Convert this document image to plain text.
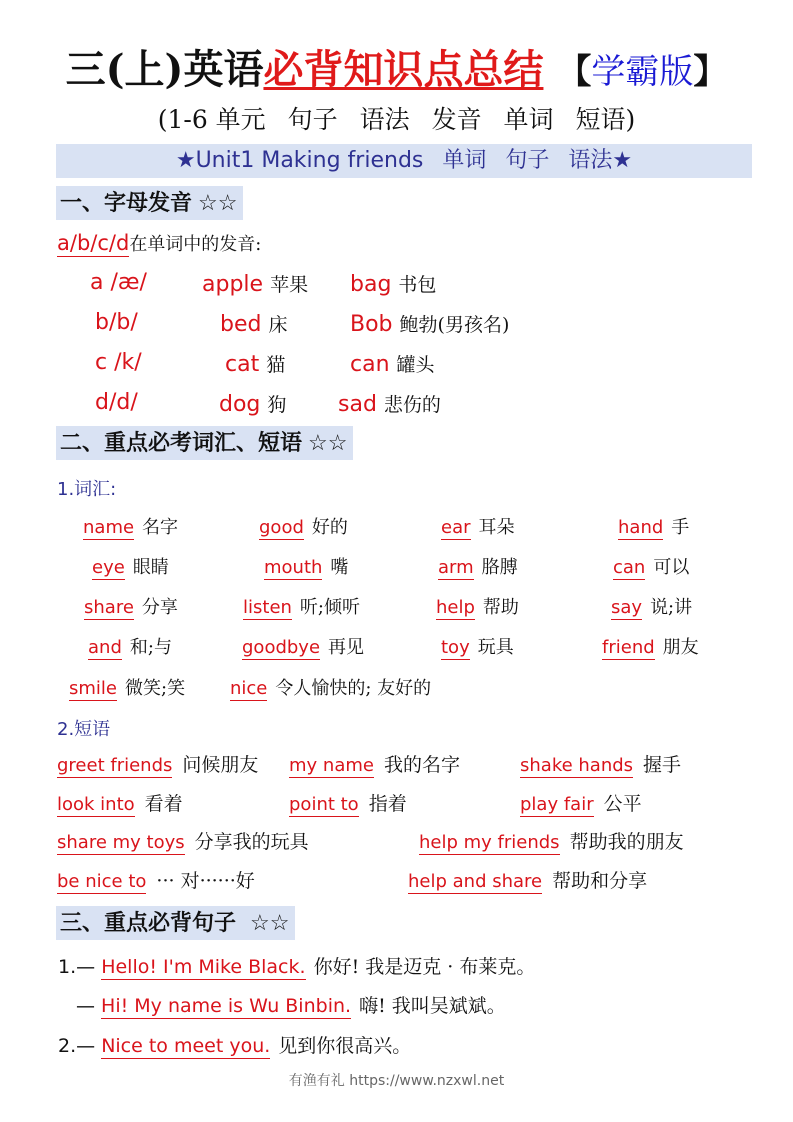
三(上)英语必背知识点总结 【学霸版】
(1-6 单元 句子 语法 发音 单词 短语)
★Unit1 Making friends 单词 句子 语法★
一、字母发音 ☆☆
a/b/c/d在单词中的发音:
a /æ/	apple 苹果 bag 书包
b/b/	bed 床	Bob 鲍勃(男孩名)
c /k/	cat 猫	can 罐头
d/d/	dog 狗 sad 悲伤的
二、重点必考词汇、短语 ☆☆
1.词汇:
name 名字	good 好的	ear 耳朵	hand 手
eye 眼睛	mouth 嘴	arm 胳膊	can 可以
share 分享	listen 听;倾听	help 帮助	say 说;讲
and 和;与	goodbye 再见	toy 玩具	friend 朋友
smile 微笑;笑 nice 令人愉快的; 友好的
2.短语
greet friends 问候朋友 my name 我的名字	shake hands 握手
look into 看着	point to 指着	play fair 公平
share my toys 分享我的玩具	help my friends 帮助我的朋友
be nice to ··· 对······好	help and share 帮助和分享
三、重点必背句子 ☆☆
1.— Hello! I'm Mike Black. 你好! 我是迈克 · 布莱克。
— Hi! My name is Wu Binbin. 嗨! 我叫吴斌斌。
2.— Nice to meet you. 见到你很高兴。
有渔有礼 https://www.nzxwl.net
